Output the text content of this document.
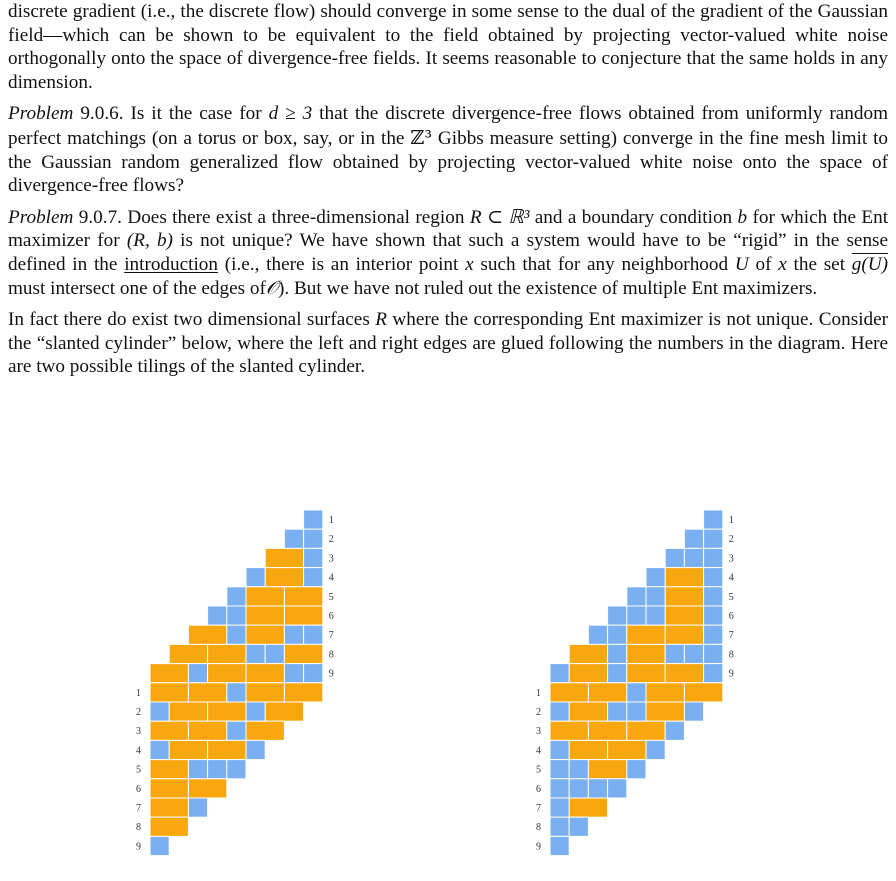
discrete gradient (i.e., the discrete flow) should converge in some sense to the dual of the gradient of the Gaussian field—which can be shown to be equivalent to the field obtained by projecting vector-valued white noise orthogonally onto the space of divergence-free fields. It seems reasonable to conjecture that the same holds in any dimension.

Problem 9.0.6. Is it the case for d ≥ 3 that the discrete divergence-free flows obtained from uniformly random perfect matchings (on a torus or box, say, or in the ℤ³ Gibbs measure setting) converge in the fine mesh limit to the Gaussian random generalized flow obtained by projecting vector-valued white noise onto the space of divergence-free flows?

Problem 9.0.7. Does there exist a three-dimensional region R ⊂ ℝ³ and a boundary condition b for which the Ent maximizer for (R, b) is not unique? We have shown that such a system would have to be “rigid” in the sense defined in the introduction (i.e., there is an interior point x such that for any neighborhood U of x the set g(U) must intersect one of the edges of𝒪). But we have not ruled out the existence of multiple Ent maximizers.

In fact there do exist two dimensional surfaces R where the corresponding Ent maximizer is not unique. Consider the “slanted cylinder” below, where the left and right edges are glued following the numbers in the diagram. Here are two possible tilings of the slanted cylinder.

1
2
3
4
5
6
7
8
9
1
2
3
4
5
6
7
8
9
1
2
3
4
5
6
7
8
9
1
2
3
4
5
6
7
8
9
